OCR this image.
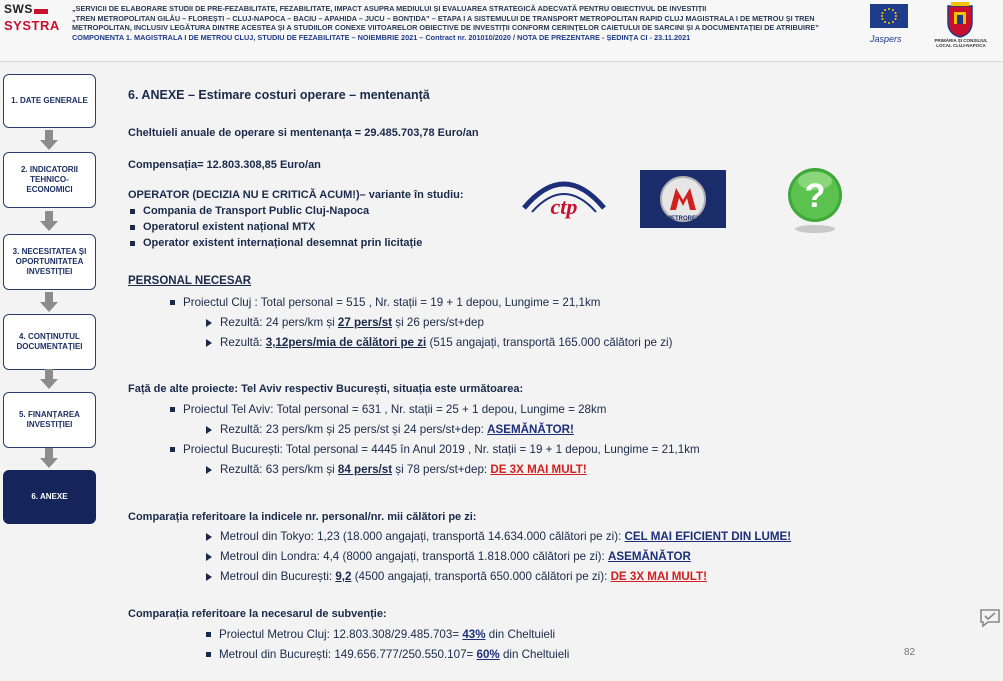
SWS
SYSTRA
„SERVICII DE ELABORARE STUDII DE PRE-FEZABILITATE, FEZABILITATE, IMPACT ASUPRA MEDIULUI ȘI EVALUAREA STRATEGICĂ ADECVATĂ PENTRU OBIECTIVUL DE INVESTIȚII
„TREN METROPOLITAN GILĂU – FLOREȘTI – CLUJ-NAPOCA – BACIU – APAHIDA – JUCU – BONȚIDA” – ETAPA I A SISTEMULUI DE TRANSPORT METROPOLITAN RAPID CLUJ MAGISTRALA I DE METROU ȘI TREN METROPOLITAN, INCLUSIV LEGĂTURA DINTRE ACESTEA ȘI A STUDIILOR CONEXE VIITOARELOR OBIECTIVE DE INVESTIȚII CONFORM CERINȚELOR CAIETULUI DE SARCINI ȘI A DOCUMENTAȚIEI DE ATRIBUIRE”
COMPONENTA 1. MAGISTRALA I DE METROU CLUJ, STUDIU DE FEZABILITATE – NOIEMBRIE 2021 – Contract nr. 201010/2020 / NOTA DE PREZENTARE - ȘEDINȚA CI - 23.11.2021	Jaspers	PRIMĂRIA ȘI CONSILIUL LOCAL CLUJ-NAPOCA
1. DATE GENERALE
2. INDICATORII TEHNICO-ECONOMICI
3. NECESITATEA ȘI OPORTUNITATEA INVESTIȚIEI
4. CONȚINUTUL DOCUMENTAȚIEI
5. FINANȚAREA INVESTIȚIEI
6. ANEXE
6. ANEXE – Estimare costuri operare – mentenanță
Cheltuieli anuale de operare si mentenanța = 29.485.703,78 Euro/an
Compensația= 12.803.308,85 Euro/an
OPERATOR (DECIZIA NU E CRITICĂ ACUM!)– variante în studiu:
Compania de Transport Public Cluj-Napoca
Operatorul existent național MTX
Operator existent internațional desemnat prin licitație
ctp	METROREX
?
PERSONAL NECESAR
Proiectul Cluj : Total personal = 515 , Nr. stații = 19 + 1 depou, Lungime = 21,1km
Rezultă: 24 pers/km și 27 pers/st și 26 pers/st+dep
Rezultă: 3,12pers/mia de călători pe zi (515 angajați, transportă 165.000 călători pe zi)
Față de alte proiecte: Tel Aviv respectiv București, situația este următoarea:
Proiectul Tel Aviv: Total personal = 631 , Nr. stații = 25 + 1 depou, Lungime = 28km
Rezultă: 23 pers/km și 25 pers/st și 24 pers/st+dep: ASEMĂNĂTOR!
Proiectul București: Total personal = 4445 în Anul 2019 , Nr. stații = 19 + 1 depou, Lungime = 21,1km
Rezultă: 63 pers/km și 84 pers/st și 78 pers/st+dep: DE 3X MAI MULT!
Comparația referitoare la indicele nr. personal/nr. mii călători pe zi:
Metroul din Tokyo: 1,23 (18.000 angajați, transportă 14.634.000 călători pe zi): CEL MAI EFICIENT DIN LUME!
Metroul din Londra: 4,4 (8000 angajați, transportă 1.818.000 călători pe zi): ASEMĂNĂTOR
Metroul din București: 9,2 (4500 angajați, transportă 650.000 călători pe zi): DE 3X MAI MULT!
Comparația referitoare la necesarul de subvenție:
Proiectul Metrou Cluj: 12.803.308/29.485.703= 43% din Cheltuieli
Metroul din București: 149.656.777/250.550.107= 60% din Cheltuieli	82
